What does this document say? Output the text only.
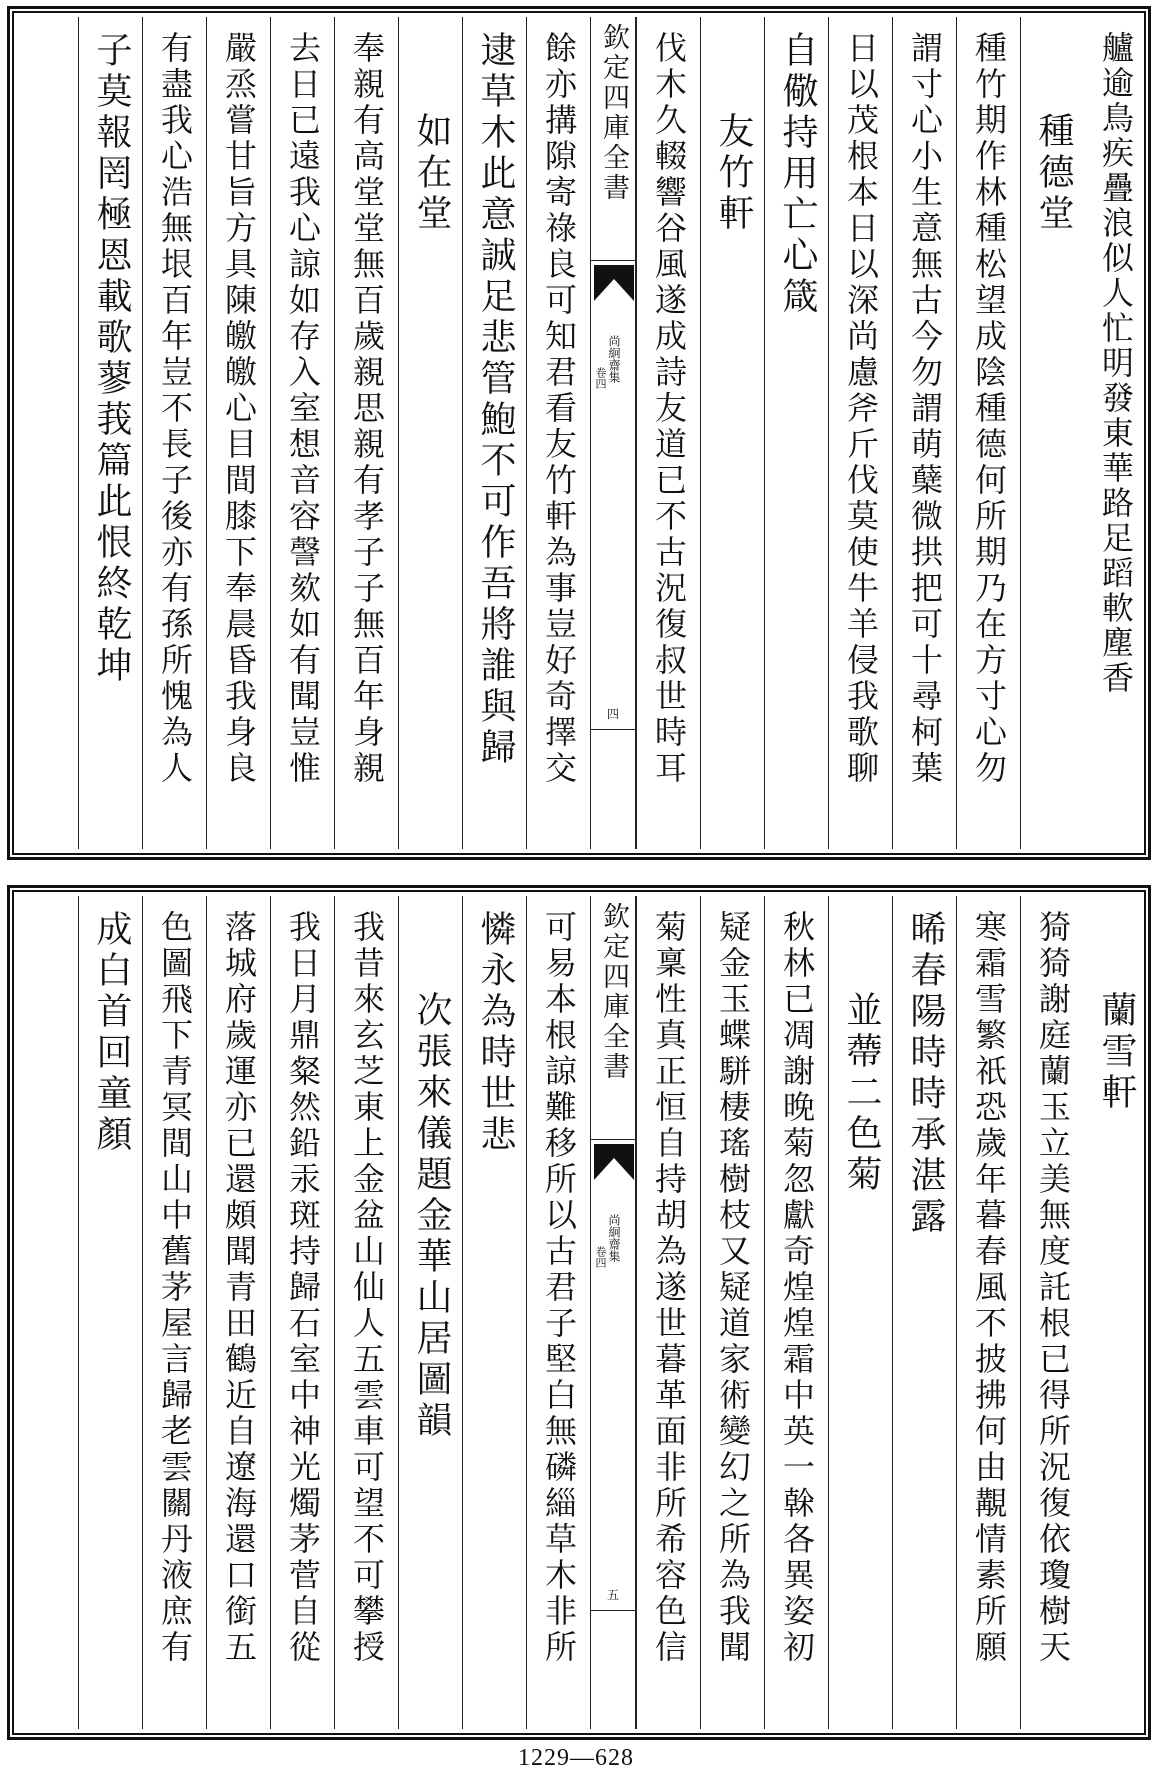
艫逾鳥疾疊浪似人忙明發東華路足蹈軟塵香
種德堂
種竹期作林種松望成陰種德何所期乃在方寸心勿
謂寸心小生意無古今勿謂萌蘖微拱把可十尋柯葉
日以茂根本日以深尚慮斧斤伐莫使牛羊侵我歌聊
自儆持用亡心箴
友竹軒
伐木久輟響谷風遂成詩友道已不古況復叔世時耳
欽定四庫全書
尚絅齋集
卷四
四
餘亦搆隙寄祿良可知君看友竹軒為事豈好奇擇交
逮草木此意誠足悲管鮑不可作吾將誰與歸
如在堂
奉親有高堂堂無百歲親思親有孝子子無百年身親
去日已遠我心諒如存入室想音容謦欬如有聞豈惟
嚴烝嘗甘旨方具陳皦皦心目間膝下奉晨昏我身良
有盡我心浩無垠百年豈不長子後亦有孫所愧為人
子莫報罔極恩載歌蓼莪篇此恨終乾坤
蘭雪軒
猗猗謝庭蘭玉立美無度託根已得所況復依瓊樹天
寒霜雪繁祇恐歲年暮春風不披拂何由覯情素所願
晞春陽時時承湛露
並蔕二色菊
秋林已凋謝晚菊忽獻奇煌煌霜中英一榦各異姿初
疑金玉蝶駢棲瑤樹枝又疑道家術變幻之所為我聞
菊稟性真正恒自持胡為遂世暮革面非所希容色信
欽定四庫全書
尚絅齋集
卷四
五
可易本根諒難移所以古君子堅白無磷緇草木非所
憐永為時世悲
次張來儀題金華山居圖韻
我昔來玄芝東上金盆山仙人五雲車可望不可攀授
我日月鼎粲然鉛汞斑持歸石室中神光燭茅菅自從
落城府歲運亦已還頗聞青田鶴近自遼海還口銜五
色圖飛下青冥間山中舊茅屋言歸老雲關丹液庶有
成白首回童顏
1229—628
